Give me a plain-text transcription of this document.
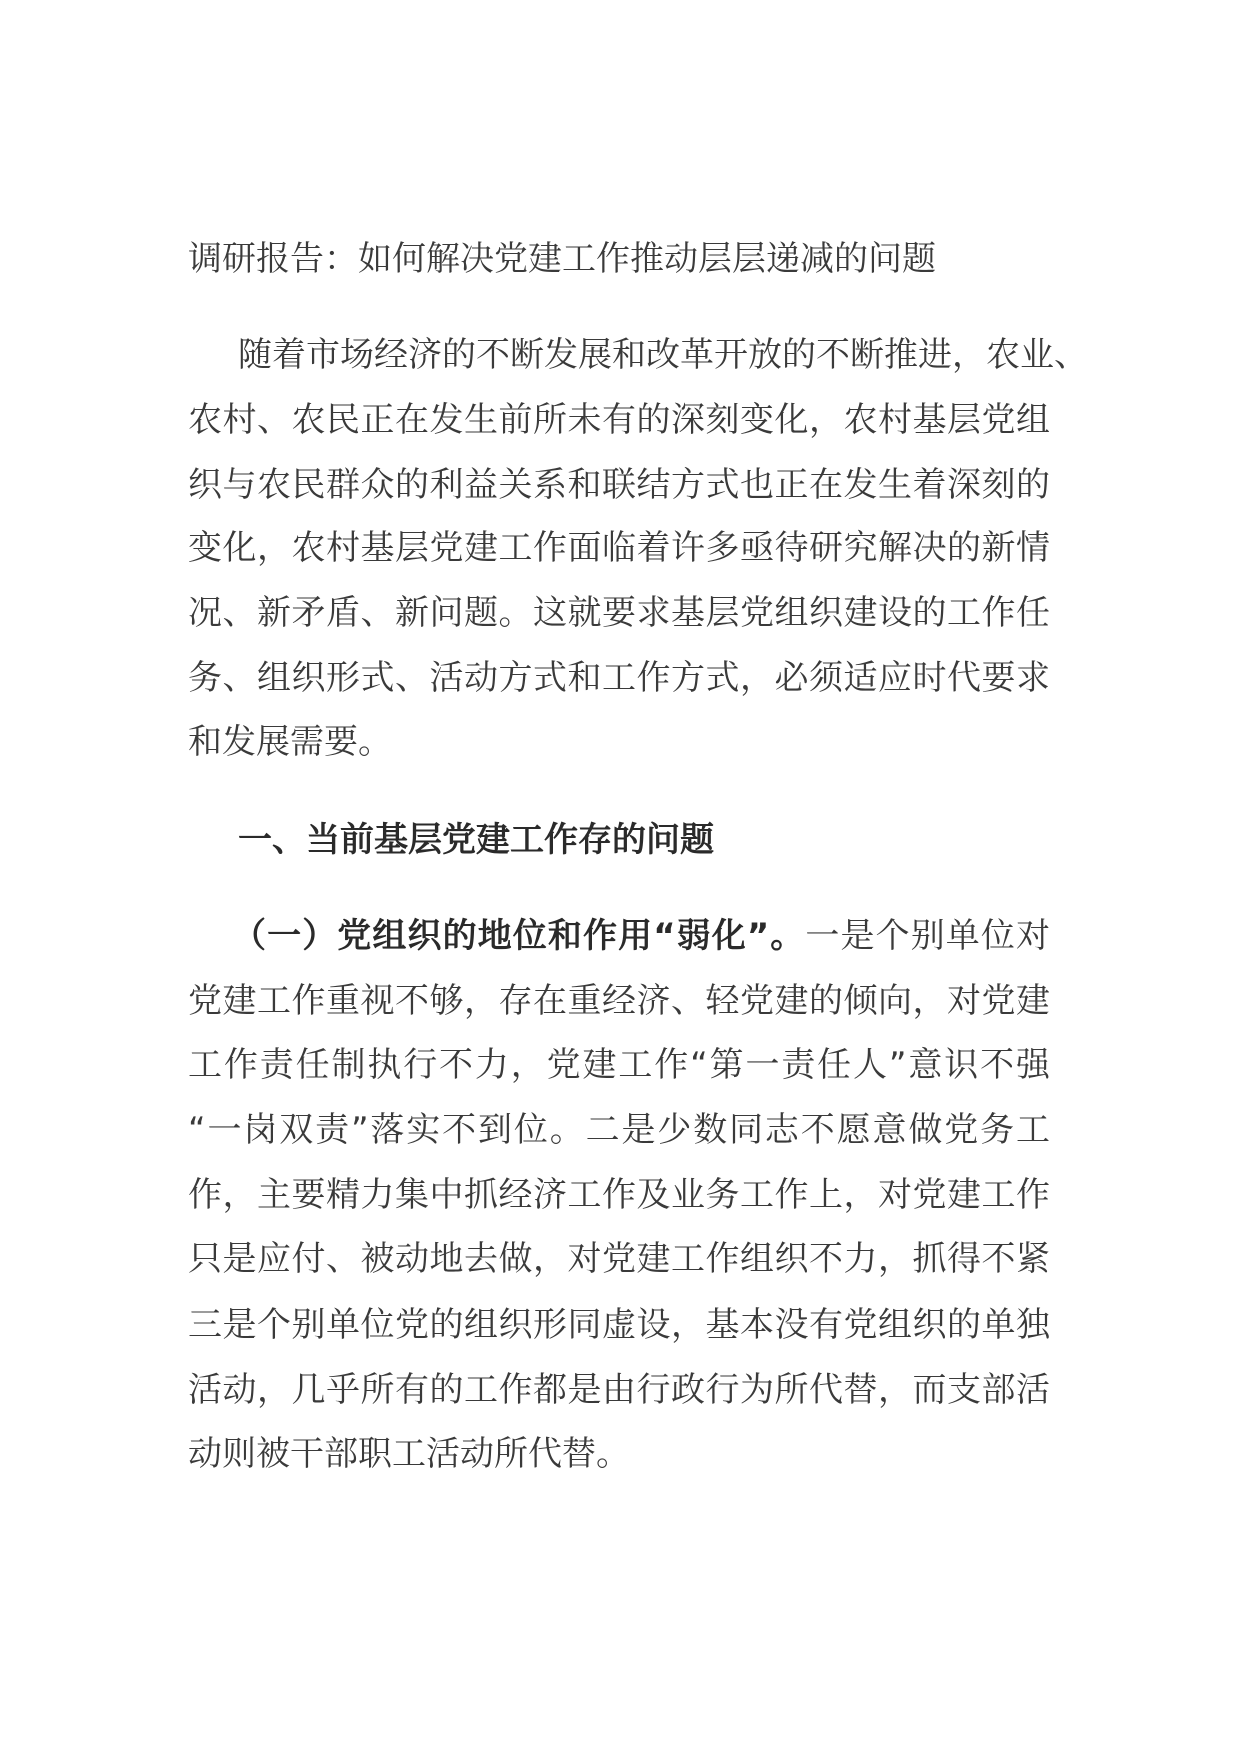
调研报告：如何解决党建工作推动层层递减的问题
随着市场经济的不断发展和改革开放的不断推进，农业、
农村、农民正在发生前所未有的深刻变化，农村基层党组
织与农民群众的利益关系和联结方式也正在发生着深刻的
变化，农村基层党建工作面临着许多亟待研究解决的新情
况、新矛盾、新问题。这就要求基层党组织建设的工作任
务、组织形式、活动方式和工作方式，必须适应时代要求
和发展需要。
一、当前基层党建工作存的问题
（一）党组织的地位和作用“弱化”。一是个别单位对
党建工作重视不够，存在重经济、轻党建的倾向，对党建
工作责任制执行不力，党建工作“第一责任人”意识不强
“一岗双责”落实不到位。二是少数同志不愿意做党务工
作，主要精力集中抓经济工作及业务工作上，对党建工作
只是应付、被动地去做，对党建工作组织不力，抓得不紧
三是个别单位党的组织形同虚设，基本没有党组织的单独
活动，几乎所有的工作都是由行政行为所代替，而支部活
动则被干部职工活动所代替。
